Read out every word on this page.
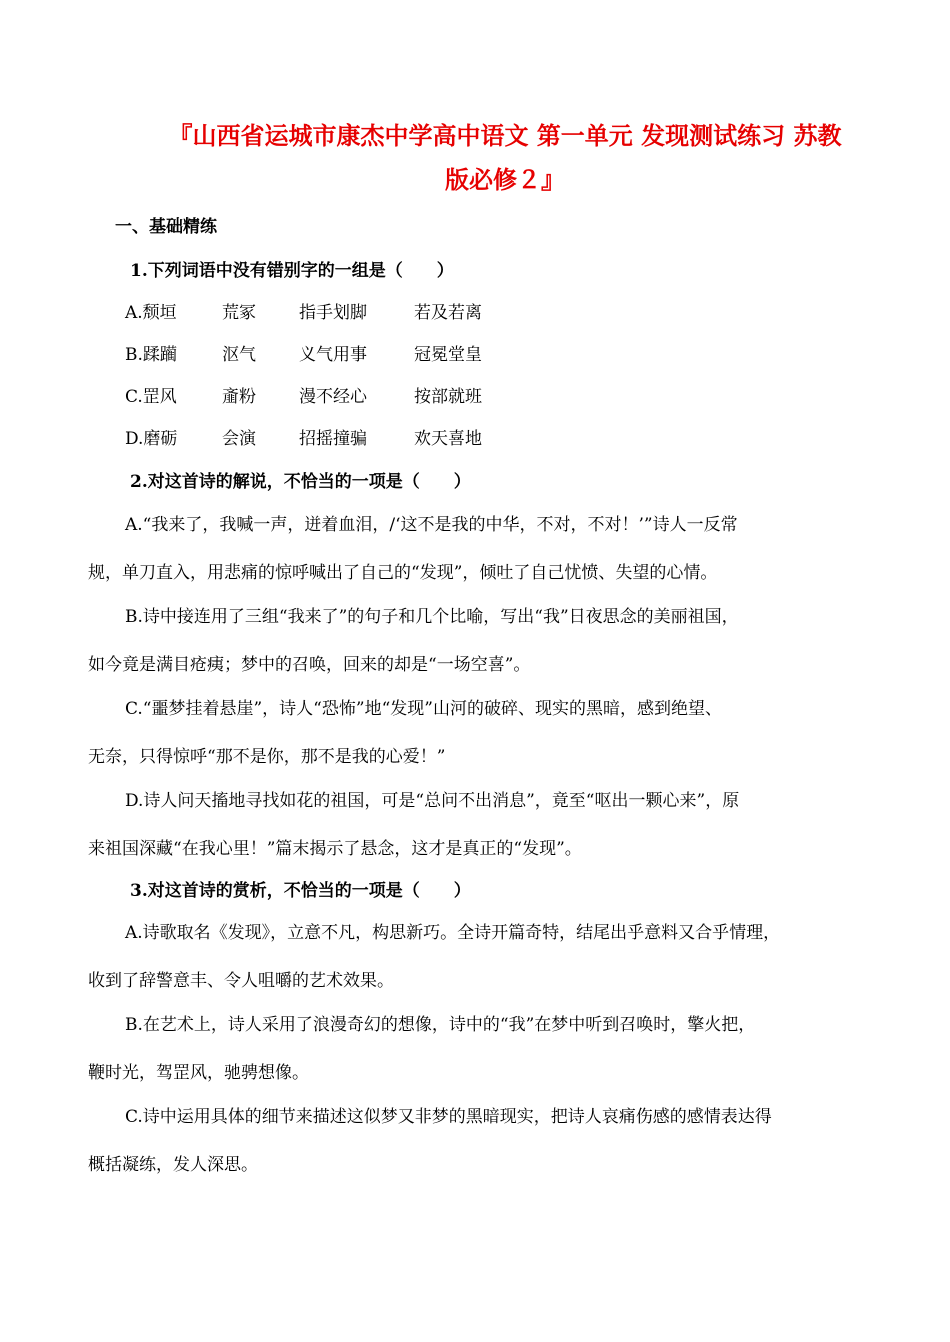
『山西省运城市康杰中学高中语文 第一单元 发现测试练习 苏教
版必修２』
一、基础精练
1.下列词语中没有错别字的一组是（　　）
A.颓垣	荒冢	指手划脚	若及若离
B.蹂躏	沤气	义气用事	冠冕堂皇
C.罡风	齑粉	漫不经心	按部就班
D.磨砺	会演	招摇撞骗	欢天喜地
2.对这首诗的解说，不恰当的一项是（　　）
A.“我来了，我喊一声，迸着血泪，/‘这不是我的中华，不对，不对！’”诗人一反常
规，单刀直入，用悲痛的惊呼喊出了自己的“发现”，倾吐了自己忧愤、失望的心情。
B.诗中接连用了三组“我来了”的句子和几个比喻，写出“我”日夜思念的美丽祖国，
如今竟是满目疮痍；梦中的召唤，回来的却是“一场空喜”。
C.“噩梦挂着悬崖”，诗人“恐怖”地“发现”山河的破碎、现实的黑暗，感到绝望、
无奈，只得惊呼“那不是你，那不是我的心爱！”
D.诗人问天搐地寻找如花的祖国，可是“总问不出消息”，竟至“呕出一颗心来”，原
来祖国深藏“在我心里！”篇末揭示了悬念，这才是真正的“发现”。
3.对这首诗的赏析，不恰当的一项是（　　）
A.诗歌取名《发现》，立意不凡，构思新巧。全诗开篇奇特，结尾出乎意料又合乎情理，
收到了辞警意丰、令人咀嚼的艺术效果。
B.在艺术上，诗人采用了浪漫奇幻的想像，诗中的“我”在梦中听到召唤时，擎火把，
鞭时光，驾罡风，驰骋想像。
C.诗中运用具体的细节来描述这似梦又非梦的黑暗现实，把诗人哀痛伤感的感情表达得
概括凝练，发人深思。
